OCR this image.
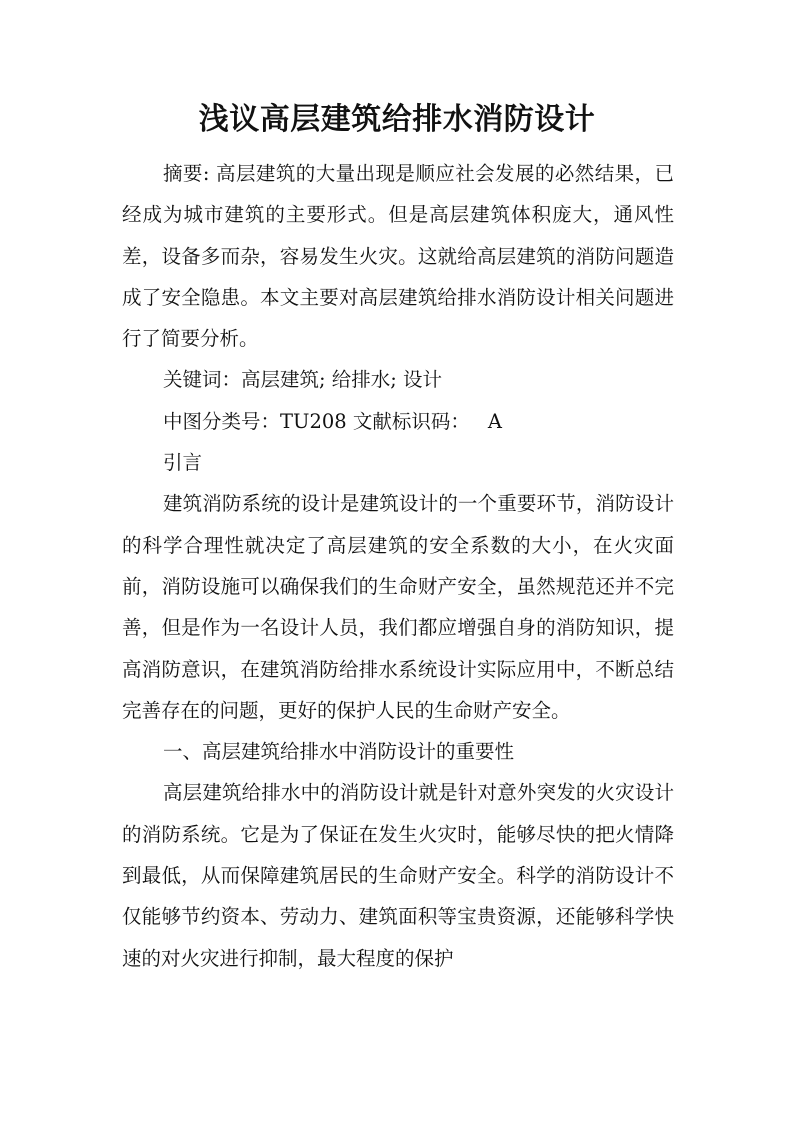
浅议高层建筑给排水消防设计

摘要: 高层建筑的大量出现是顺应社会发展的必然结果，已经成为城市建筑的主要形式。但是高层建筑体积庞大，通风性差，设备多而杂，容易发生火灾。这就给高层建筑的消防问题造成了安全隐患。本文主要对高层建筑给排水消防设计相关问题进行了简要分析。

关键词：高层建筑; 给排水; 设计

中图分类号：TU208 文献标识码： A

引言

建筑消防系统的设计是建筑设计的一个重要环节，消防设计的科学合理性就决定了高层建筑的安全系数的大小，在火灾面前，消防设施可以确保我们的生命财产安全，虽然规范还并不完善，但是作为一名设计人员，我们都应增强自身的消防知识，提高消防意识，在建筑消防给排水系统设计实际应用中，不断总结完善存在的问题，更好的保护人民的生命财产安全。

一、高层建筑给排水中消防设计的重要性

高层建筑给排水中的消防设计就是针对意外突发的火灾设计的消防系统。它是为了保证在发生火灾时，能够尽快的把火情降到最低，从而保障建筑居民的生命财产安全。科学的消防设计不仅能够节约资本、劳动力、建筑面积等宝贵资源，还能够科学快速的对火灾进行抑制，最大程度的保护
